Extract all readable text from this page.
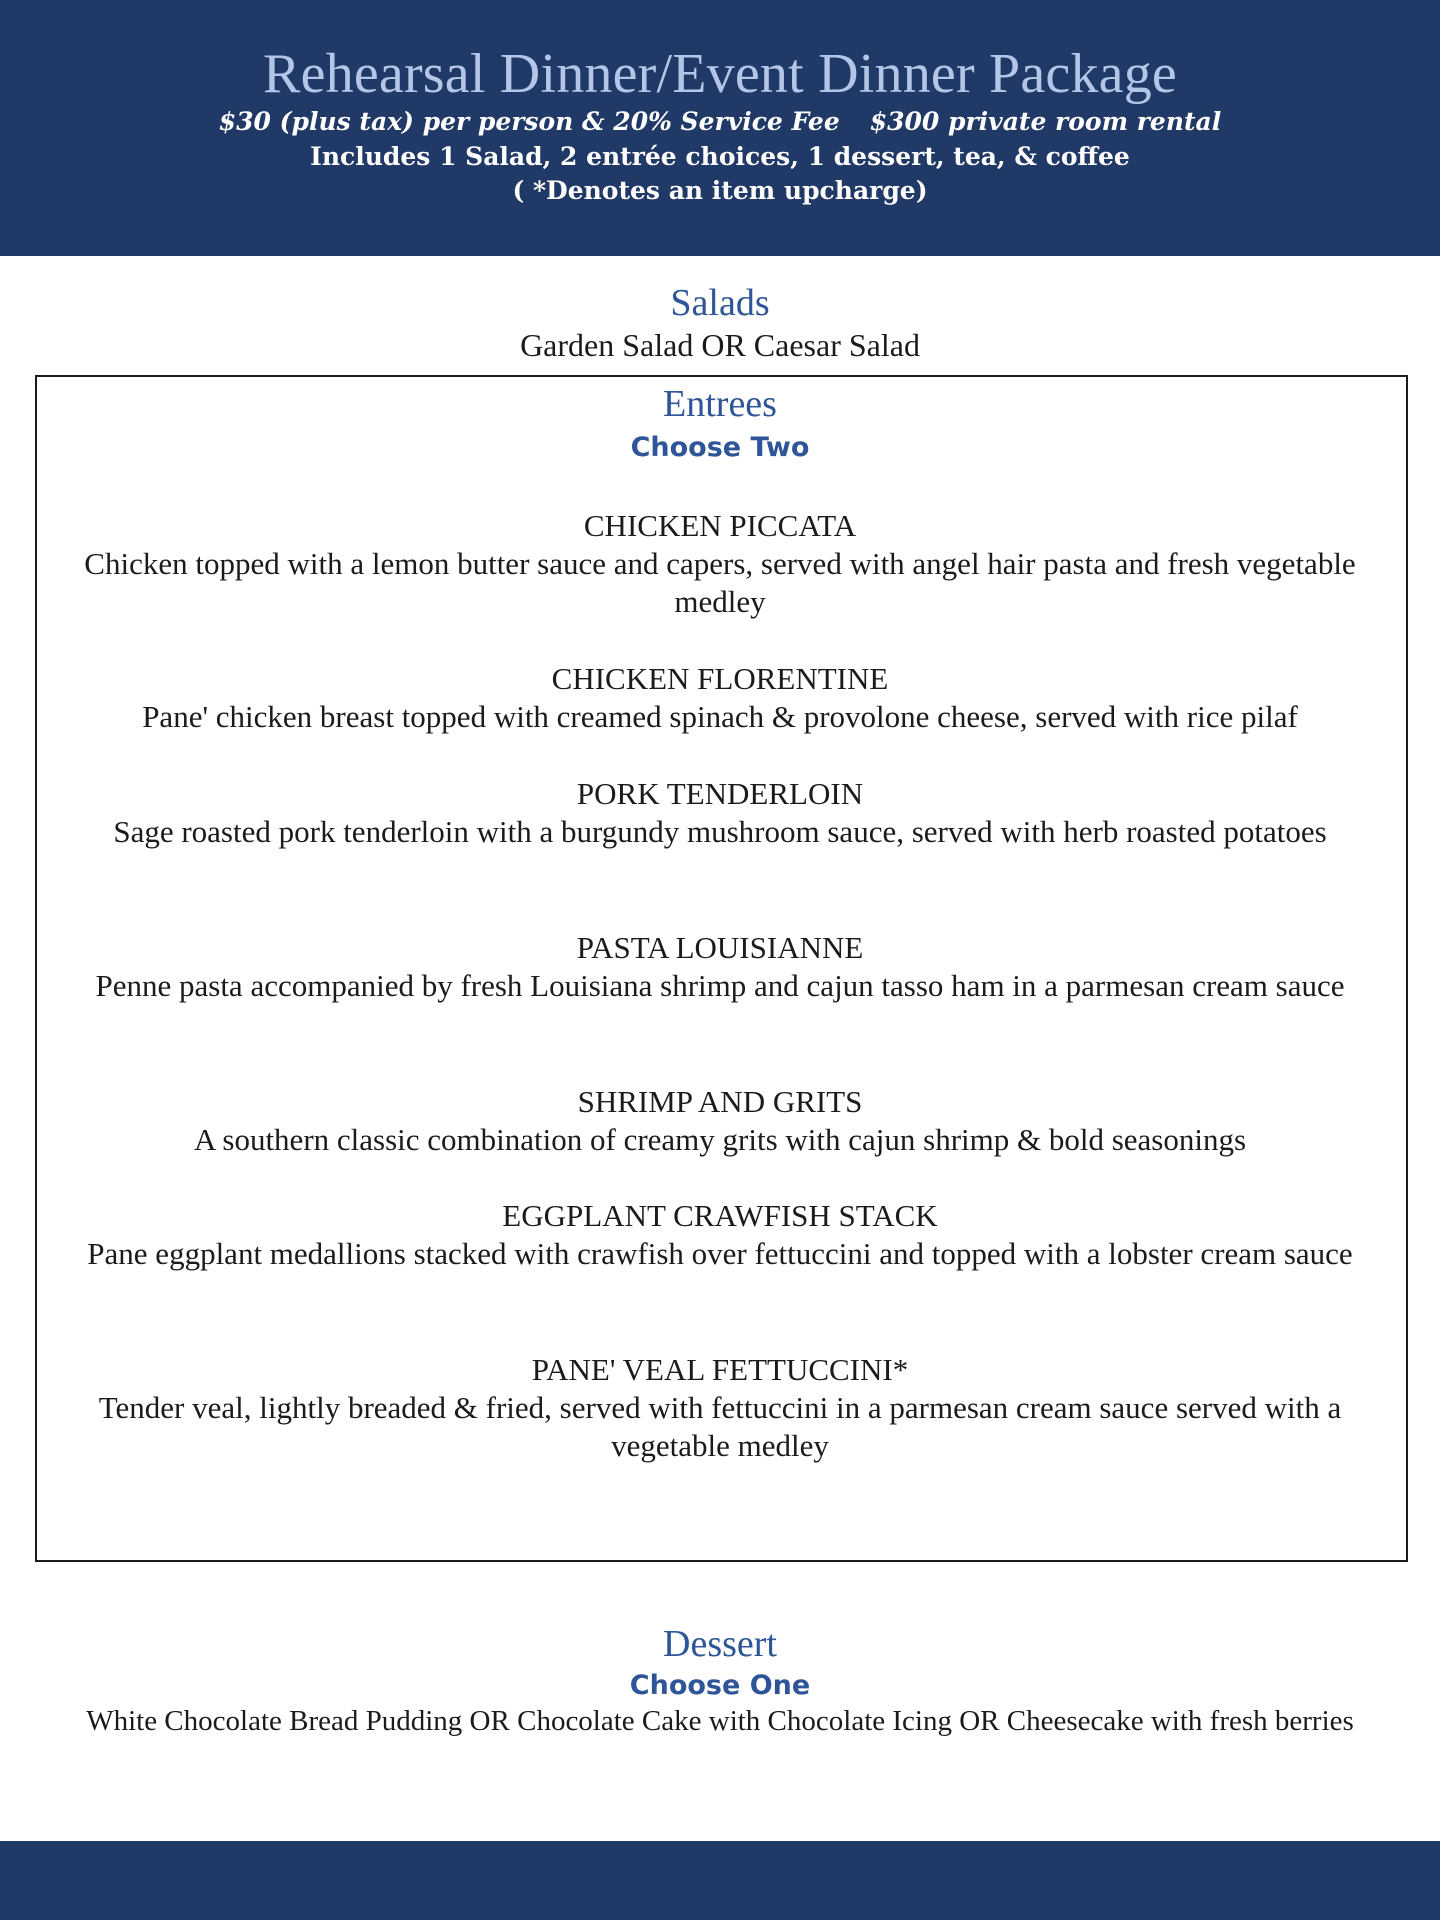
Rehearsal Dinner/Event Dinner Package
$30 (plus tax) per person & 20% Service Fee $300 private room rental
Includes 1 Salad, 2 entrée choices, 1 dessert, tea, & coffee
( *Denotes an item upcharge)
Salads
Garden Salad OR Caesar Salad
Entrees
Choose Two
CHICKEN PICCATA
Chicken topped with a lemon butter sauce and capers, served with angel hair pasta and fresh vegetable medley
CHICKEN FLORENTINE
Pane' chicken breast topped with creamed spinach & provolone cheese, served with rice pilaf
PORK TENDERLOIN
Sage roasted pork tenderloin with a burgundy mushroom sauce, served with herb roasted potatoes
PASTA LOUISIANNE
Penne pasta accompanied by fresh Louisiana shrimp and cajun tasso ham in a parmesan cream sauce
SHRIMP AND GRITS
A southern classic combination of creamy grits with cajun shrimp & bold seasonings
EGGPLANT CRAWFISH STACK
Pane eggplant medallions stacked with crawfish over fettuccini and topped with a lobster cream sauce
PANE' VEAL FETTUCCINI*
Tender veal, lightly breaded & fried, served with fettuccini in a parmesan cream sauce served with a vegetable medley
Dessert
Choose One
White Chocolate Bread Pudding OR Chocolate Cake with Chocolate Icing OR Cheesecake with fresh berries
